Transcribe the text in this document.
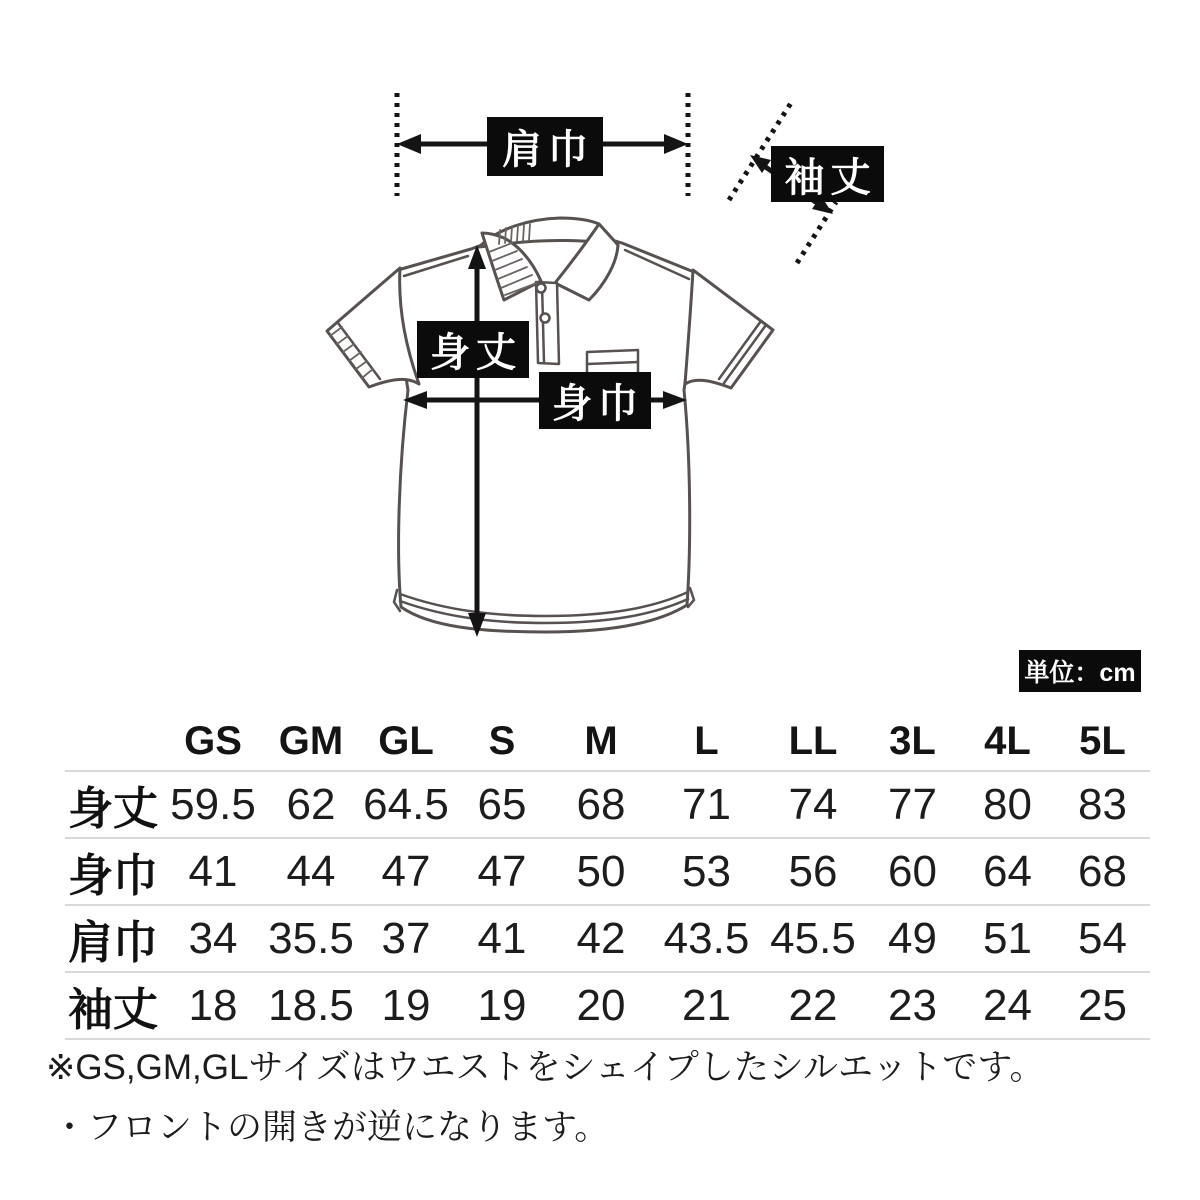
肩巾
袖丈
身丈
身巾
単位：cm
	GS	GM	GL	S	M	L	LL	3L	4L	5L
身丈	59.5	62	64.5	65	68	71	74	77	80	83
身巾	41	44	47	47	50	53	56	60	64	68
肩巾	34	35.5	37	41	42	43.5	45.5	49	51	54
袖丈	18	18.5	19	19	20	21	22	23	24	25
※GS,GM,GLサイズはウエストをシェイプしたシルエットです。
・フロントの開きが逆になります。
